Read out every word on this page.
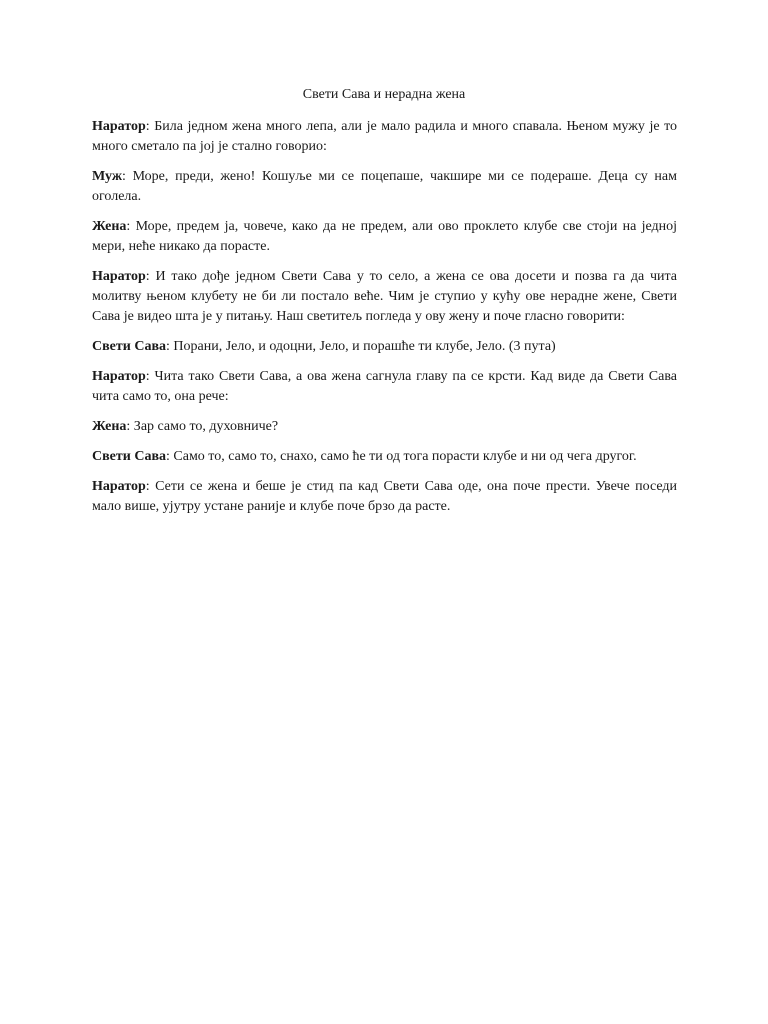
Свети Сава и нерадна жена

Наратор: Била једном жена много лепа, али је мало радила и много спавала. Њеном мужу је то много сметало па јој је стално говорио:

Муж: Море, преди, жено! Кошуље ми се поцепаше, чакшире ми се подераше. Деца су нам оголела.

Жена: Море, предем ја, човече, како да не предем, али ово проклето клубе све стоји на једној мери, неће никако да порасте.

Наратор: И тако дође једном Свети Сава у то село, а жена се ова досети и позва га да чита молитву њеном клубету не би ли постало веће. Чим је ступио у кућу ове нерадне жене, Свети Сава је видео шта је у питању. Наш светитељ погледа у ову жену и поче гласно говорити:

Свети Сава: Порани, Јело, и одоцни, Јело, и порашће ти клубе, Јело. (3 пута)

Наратор: Чита тако Свети Сава, а ова жена сагнула главу па се крсти. Кад виде да Свети Сава чита само то, она рече:

Жена: Зар само то, духовниче?

Свети Сава: Само то, само то, снахо, само ће ти од тога порасти клубе и ни од чега другог.

Наратор: Сети се жена и беше је стид па кад Свети Сава оде, она поче прести. Увече поседи мало више, ујутру устане раније и клубе поче брзо да расте.
